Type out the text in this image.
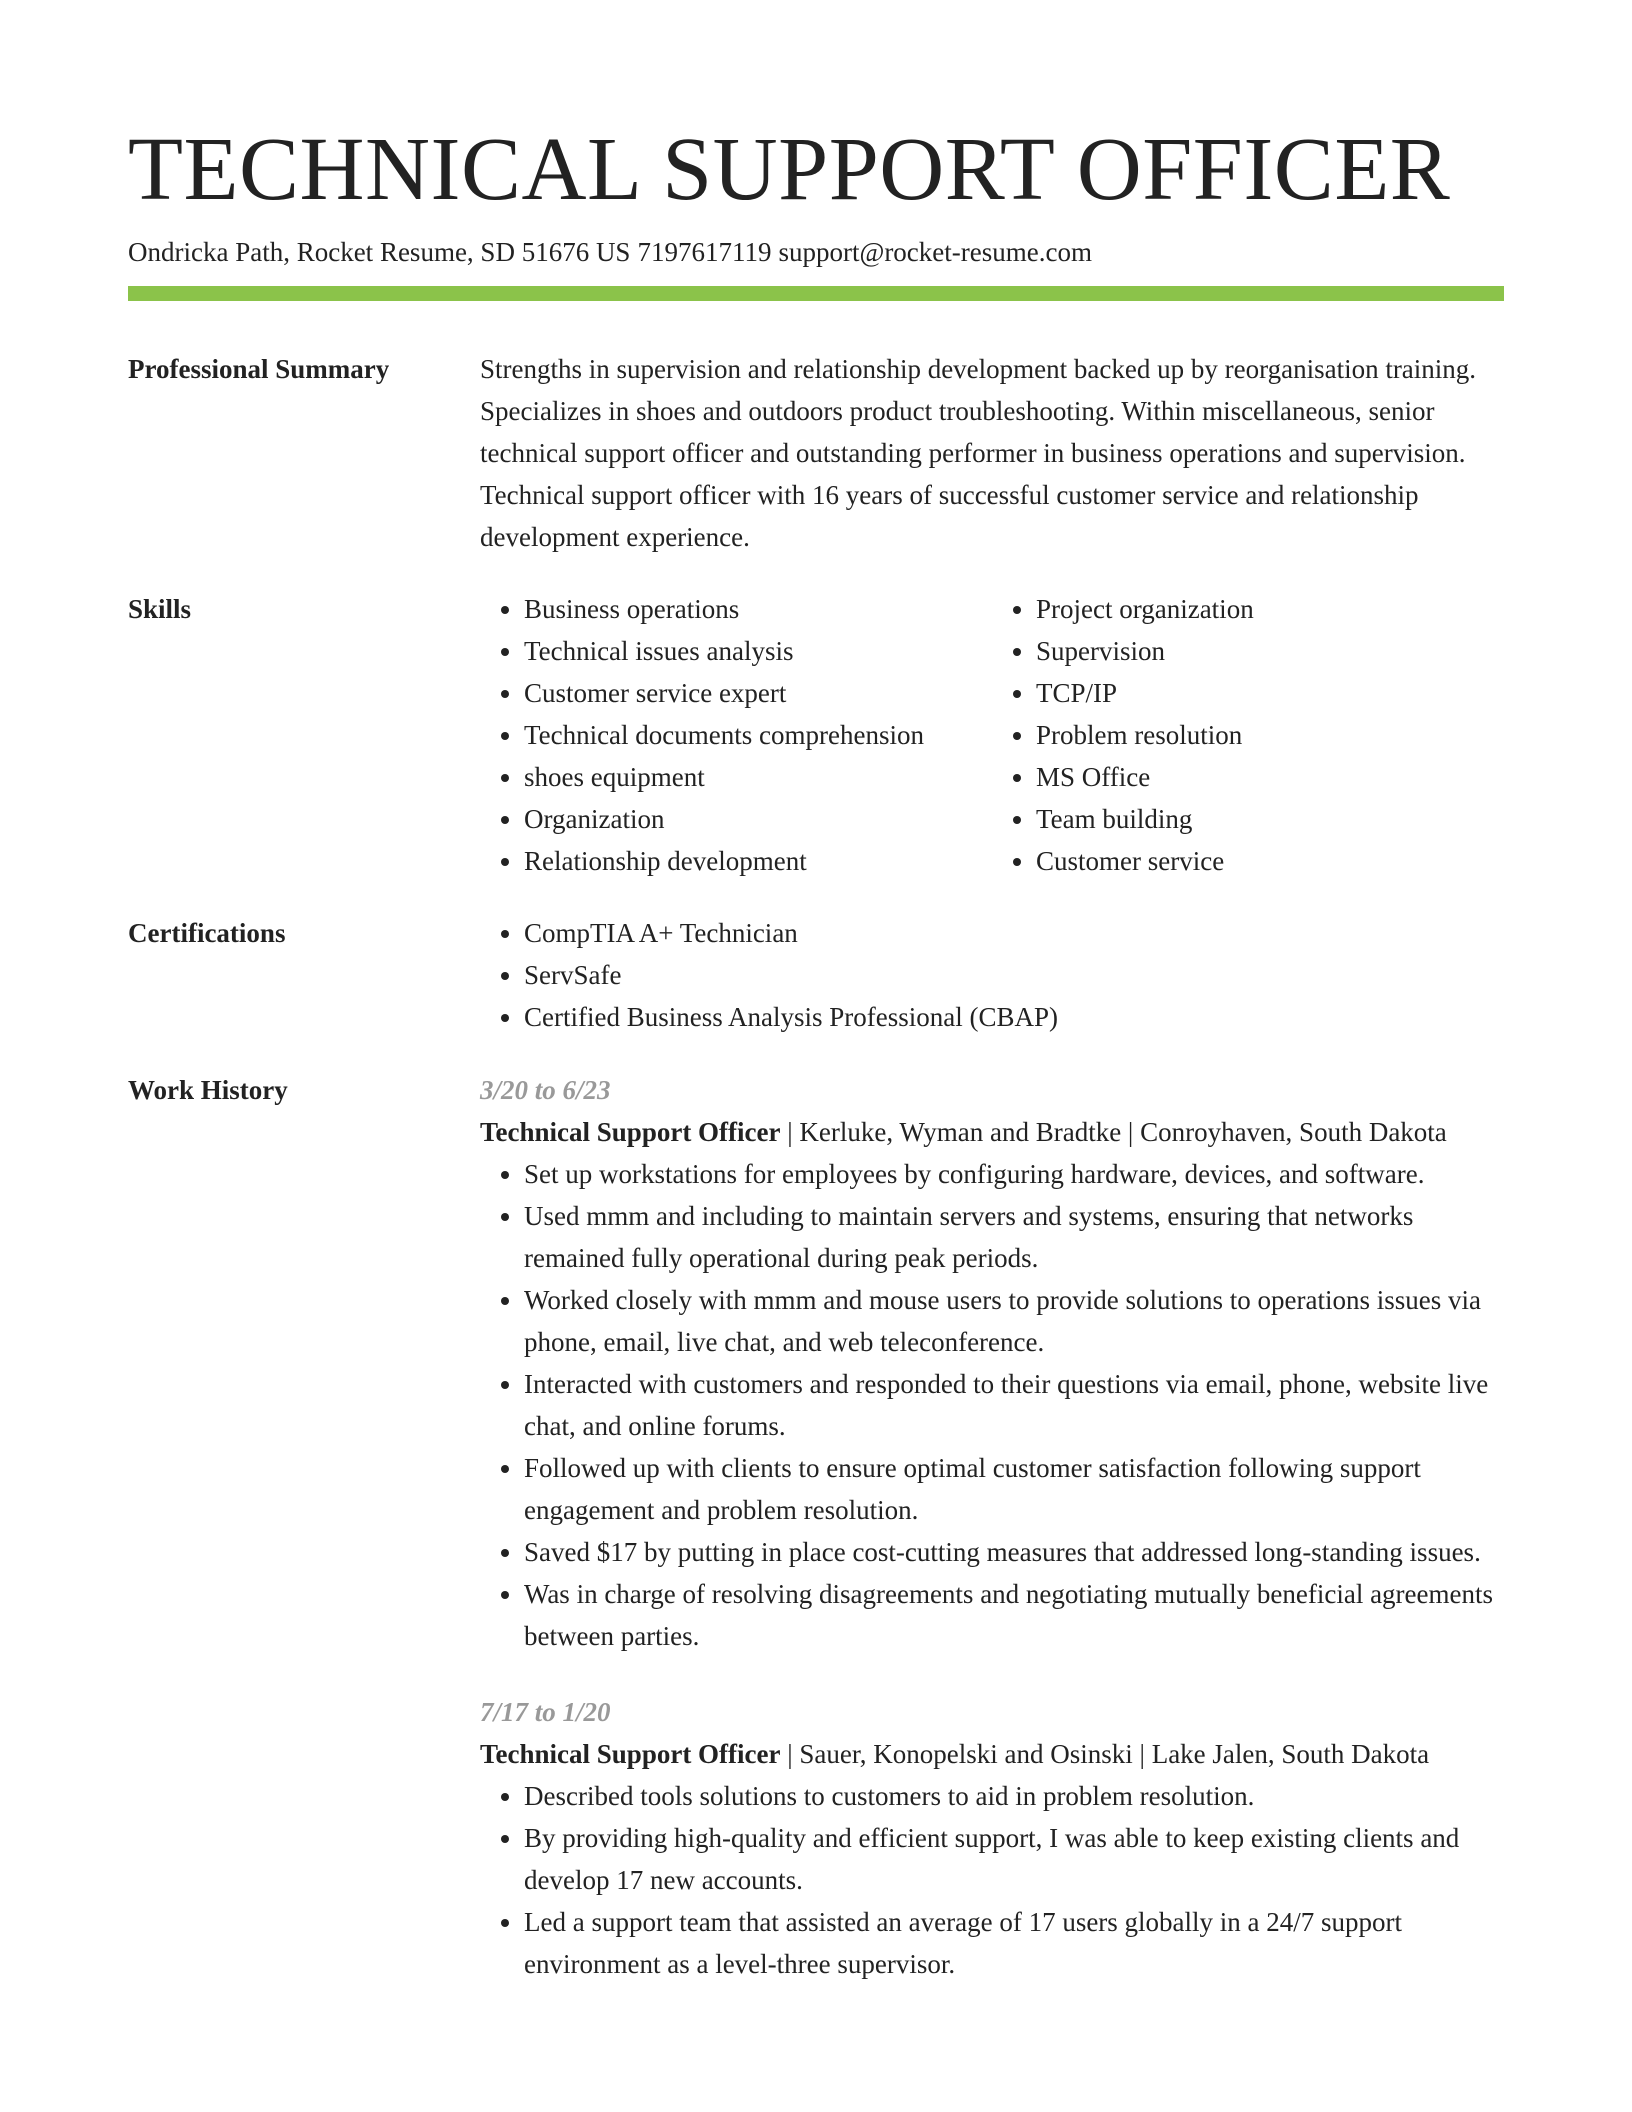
TECHNICAL SUPPORT OFFICER
Ondricka Path, Rocket Resume, SD 51676 US 7197617119 support@rocket-resume.com
Professional Summary	Strengths in supervision and relationship development backed up by reorganisation training. Specializes in shoes and outdoors product troubleshooting. Within miscellaneous, senior technical support officer and outstanding performer in business operations and supervision. Technical support officer with 16 years of successful customer service and relationship development experience.

Skills	• Business operations
• Technical issues analysis
• Customer service expert
• Technical documents comprehension
• shoes equipment
• Organization
• Relationship development
• Project organization
• Supervision
• TCP/IP
• Problem resolution
• MS Office
• Team building
• Customer service
Certifications	• CompTIA A+ Technician
• ServSafe
• Certified Business Analysis Professional (CBAP)
Work History	3/20 to 6/23
Technical Support Officer | Kerluke, Wyman and Bradtke | Conroyhaven, South Dakota
• Set up workstations for employees by configuring hardware, devices, and software.
• Used mmm and including to maintain servers and systems, ensuring that networks remained fully operational during peak periods.
• Worked closely with mmm and mouse users to provide solutions to operations issues via phone, email, live chat, and web teleconference.
• Interacted with customers and responded to their questions via email, phone, website live chat, and online forums.
• Followed up with clients to ensure optimal customer satisfaction following support engagement and problem resolution.
• Saved $17 by putting in place cost-cutting measures that addressed long-standing issues.
• Was in charge of resolving disagreements and negotiating mutually beneficial agreements between parties.
7/17 to 1/20
Technical Support Officer | Sauer, Konopelski and Osinski | Lake Jalen, South Dakota
• Described tools solutions to customers to aid in problem resolution.
• By providing high-quality and efficient support, I was able to keep existing clients and develop 17 new accounts.
• Led a support team that assisted an average of 17 users globally in a 24/7 support environment as a level-three supervisor.
